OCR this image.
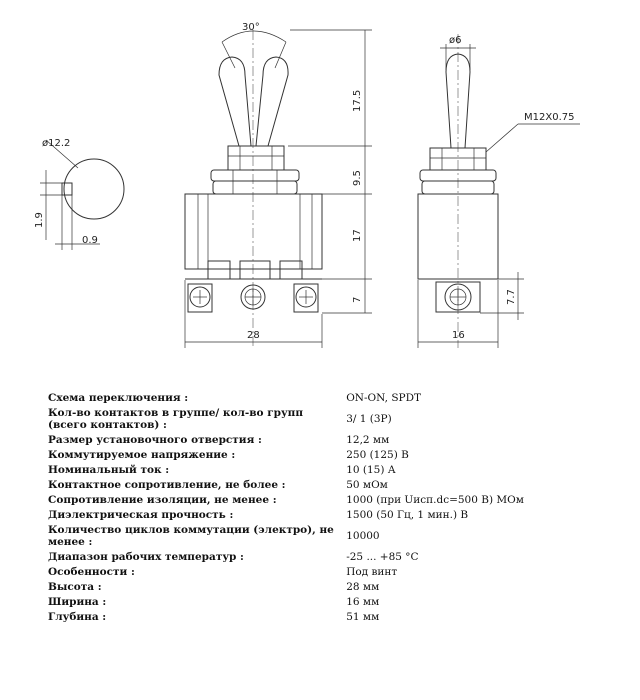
30°
17.5
9.5
17
7
28
ø12.2
1.9
0.9
ø6
M12X0.75
7.7
16
Схема переключения :	ON-ON, SPDT
Кол-во контактов в группе/ кол-во групп (всего контактов) :	3/ 1 (3P)
Размер установочного отверстия :	12,2 мм
Коммутируемое напряжение :	250 (125) В
Номинальный ток :	10 (15) А
Контактное сопротивление, не более :	50 мОм
Сопротивление изоляции, не менее :	1000 (при Uисп.dc=500 В) МОм
Диэлектрическая прочность :	1500 (50 Гц, 1 мин.) В
Количество циклов коммутации (электро), не менее :	10000
Диапазон рабочих температур :	-25 ... +85 °С
Особенности :	Под винт
Высота :	28 мм
Ширина :	16 мм
Глубина :	51 мм
